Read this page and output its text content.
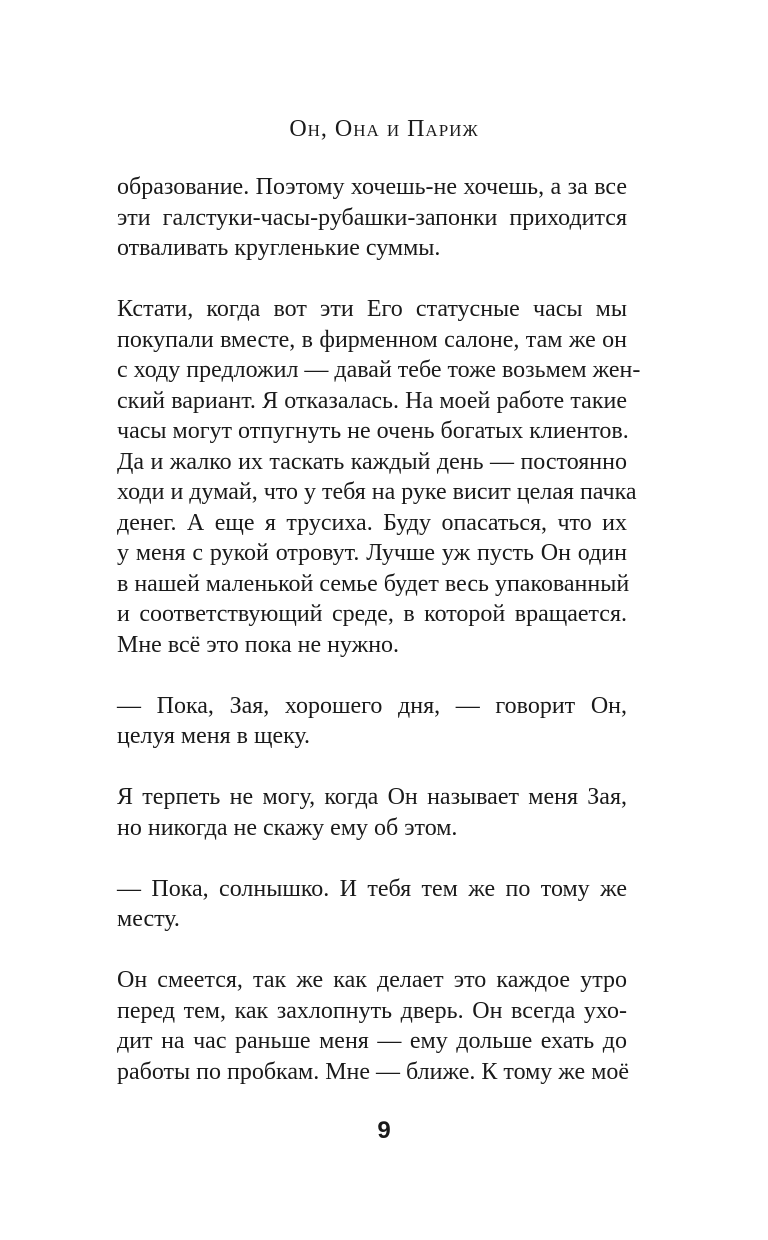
Он, Она и Париж
образование. Поэтому хочешь-не хочешь, а за все
эти галстуки-часы-рубашки-запонки приходится
отваливать кругленькие суммы.
Кстати, когда вот эти Его статусные часы мы
покупали вместе, в фирменном салоне, там же он
с ходу предложил — давай тебе тоже возьмем жен-
ский вариант. Я отказалась. На моей работе такие
часы могут отпугнуть не очень богатых клиентов.
Да и жалко их таскать каждый день — постоянно
ходи и думай, что у тебя на руке висит целая пачка
денег. А еще я трусиха. Буду опасаться, что их
у меня с рукой отровут. Лучше уж пусть Он один
в нашей маленькой семье будет весь упакованный
и соответствующий среде, в которой вращается.
Мне всё это пока не нужно.
— Пока, Зая, хорошего дня, — говорит Он,
целуя меня в щеку.
Я терпеть не могу, когда Он называет меня Зая,
но никогда не скажу ему об этом.
— Пока, солнышко. И тебя тем же по тому же
месту.
Он смеется, так же как делает это каждое утро
перед тем, как захлопнуть дверь. Он всегда ухо-
дит на час раньше меня — ему дольше ехать до
работы по пробкам. Мне — ближе. К тому же моё
9
